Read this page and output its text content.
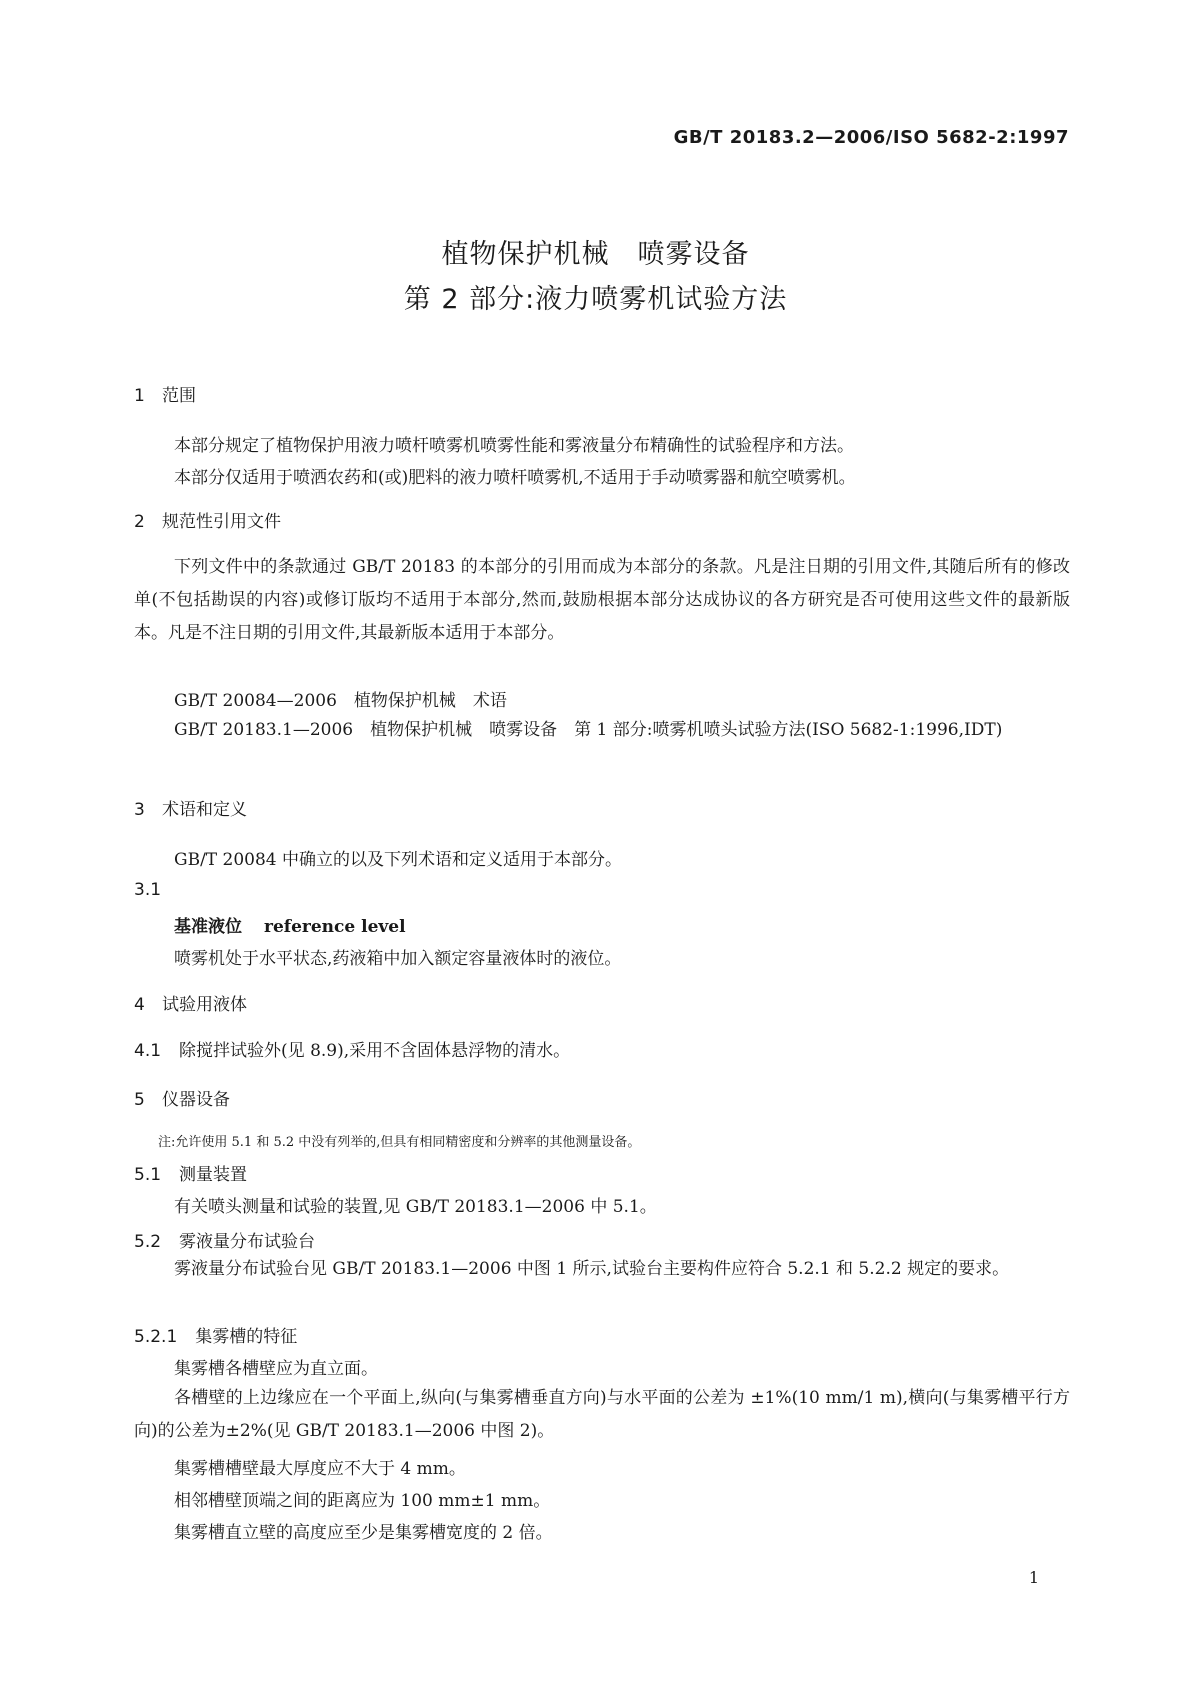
GB/T 20183.2—2006/ISO 5682-2:1997
植物保护机械　喷雾设备
第 2 部分:液力喷雾机试验方法
1 范围
本部分规定了植物保护用液力喷杆喷雾机喷雾性能和雾液量分布精确性的试验程序和方法。
本部分仅适用于喷洒农药和(或)肥料的液力喷杆喷雾机,不适用于手动喷雾器和航空喷雾机。
2 规范性引用文件

下列文件中的条款通过 GB/T 20183 的本部分的引用而成为本部分的条款。凡是注日期的引用文件,其随后所有的修改单(不包括勘误的内容)或修订版均不适用于本部分,然而,鼓励根据本部分达成协议的各方研究是否可使用这些文件的最新版本。凡是不注日期的引用文件,其最新版本适用于本部分。

GB/T 20084—2006　植物保护机械　术语

GB/T 20183.1—2006　植物保护机械　喷雾设备　第 1 部分:喷雾机喷头试验方法(ISO 5682-1:1996,IDT)

3 术语和定义
GB/T 20084 中确立的以及下列术语和定义适用于本部分。
3.1
基准液位 reference level
喷雾机处于水平状态,药液箱中加入额定容量液体时的液位。
4 试验用液体
4.1 除搅拌试验外(见 8.9),采用不含固体悬浮物的清水。
5 仪器设备
注:允许使用 5.1 和 5.2 中没有列举的,但具有相同精密度和分辨率的其他测量设备。
5.1 测量装置
有关喷头测量和试验的装置,见 GB/T 20183.1—2006 中 5.1。
5.2 雾液量分布试验台

雾液量分布试验台见 GB/T 20183.1—2006 中图 1 所示,试验台主要构件应符合 5.2.1 和 5.2.2 规定的要求。

5.2.1 集雾槽的特征
集雾槽各槽壁应为直立面。

各槽壁的上边缘应在一个平面上,纵向(与集雾槽垂直方向)与水平面的公差为 ±1%(10 mm/1 m),横向(与集雾槽平行方向)的公差为±2%(见 GB/T 20183.1—2006 中图 2)。

集雾槽槽壁最大厚度应不大于 4 mm。
相邻槽壁顶端之间的距离应为 100 mm±1 mm。
集雾槽直立壁的高度应至少是集雾槽宽度的 2 倍。
1
